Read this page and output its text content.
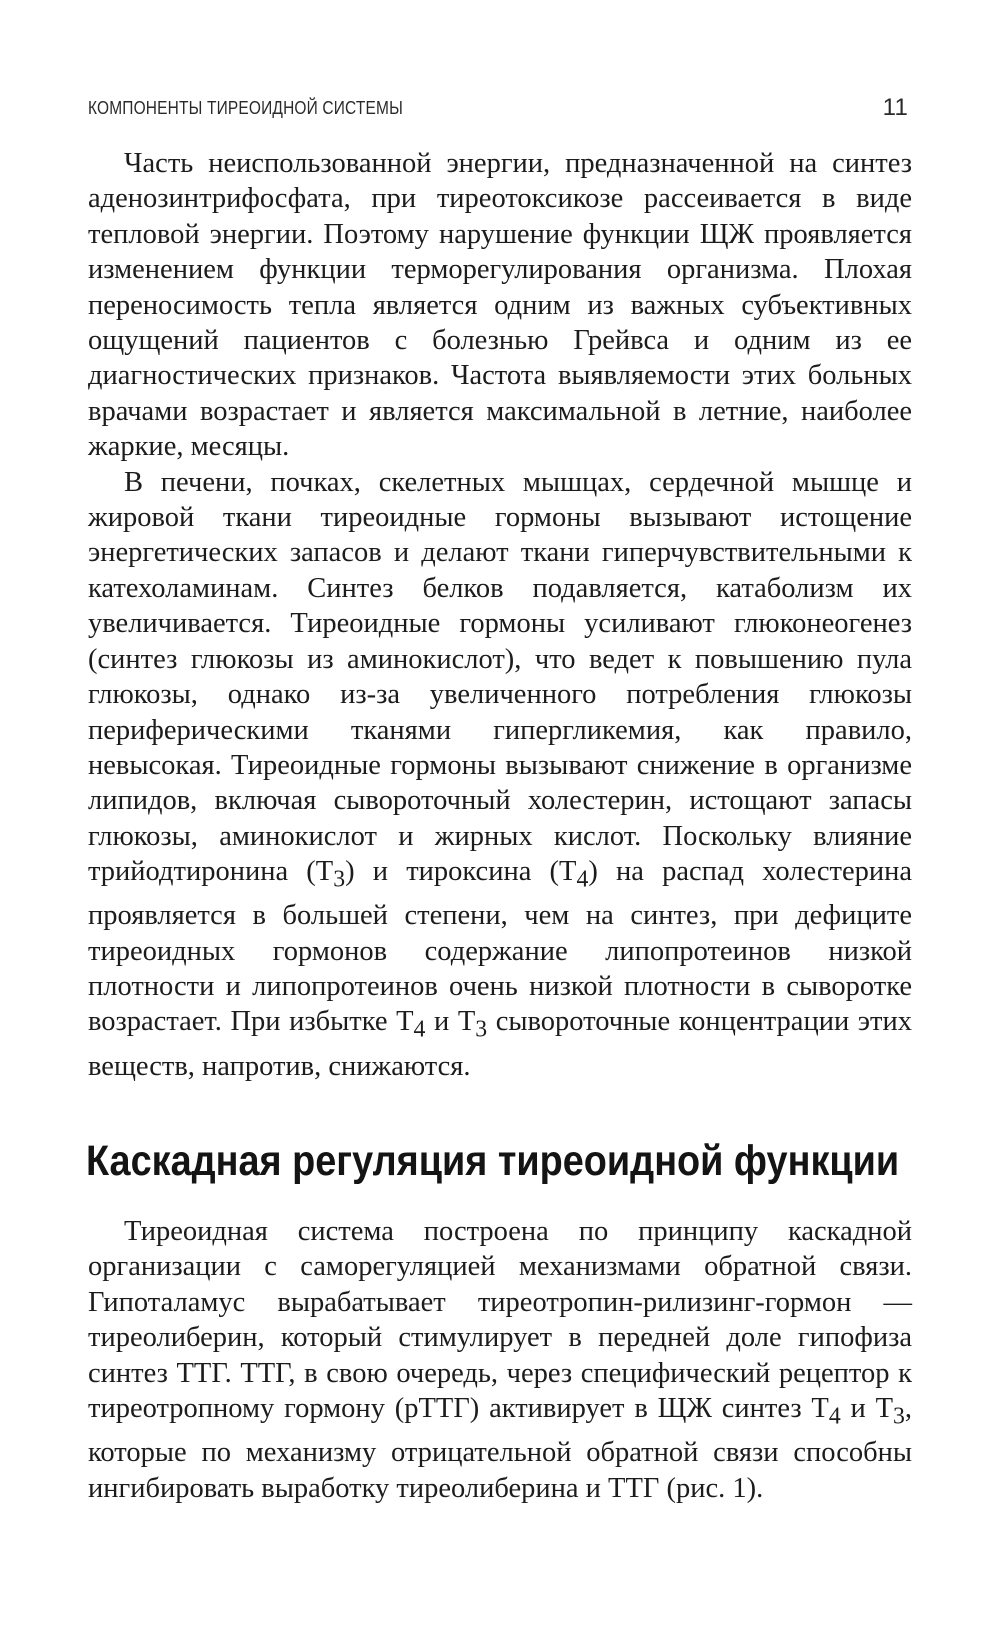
КОМПОНЕНТЫ ТИРЕОИДНОЙ СИСТЕМЫ	11

Часть неиспользованной энергии, предназначенной на синтез аденозинтрифосфата, при тиреотоксикозе рассеивается в виде тепловой энергии. Поэтому нарушение функции ЩЖ проявляется изменением функции терморегулирования организма. Плохая переносимость тепла является одним из важных субъективных ощущений пациентов с болезнью Грейвса и одним из ее диагностических признаков. Частота выявляемости этих больных врачами возрастает и является максимальной в летние, наиболее жаркие, месяцы.

В печени, почках, скелетных мышцах, сердечной мышце и жировой ткани тиреоидные гормоны вызывают истощение энергетических запасов и делают ткани гиперчувствительными к катехоламинам. Синтез белков подавляется, катаболизм их увеличивается. Тиреоидные гормоны усиливают глюконеогенез (синтез глюкозы из аминокислот), что ведет к повышению пула глюкозы, однако из-за увеличенного потребления глюкозы периферическими тканями гипергликемия, как правило, невысокая. Тиреоидные гормоны вызывают снижение в организме липидов, включая сывороточный холестерин, истощают запасы глюкозы, аминокислот и жирных кислот. Поскольку влияние трийодтиронина $(Т_3)$ и тироксина $(Т_4)$ на распад холестерина проявляется в большей степени, чем на синтез, при дефиците тиреоидных гормонов содержание липопротеинов низкой плотности и липопротеинов очень низкой плотности в сыворотке возрастает. При избытке $Т_4$ и $Т_3$ сывороточные концентрации этих веществ, напротив, снижаются.

Каскадная регуляция тиреоидной функции

Тиреоидная система построена по принципу каскадной организации с саморегуляцией механизмами обратной связи. Гипоталамус вырабатывает тиреотропин-рилизинг-гормон — тиреолиберин, который стимулирует в передней доле гипофиза синтез ТТГ. ТТГ, в свою очередь, через специфический рецептор к тиреотропному гормону (рТТГ) активирует в ЩЖ синтез $Т_4$ и $Т_3$, которые по механизму отрицательной обратной связи способны ингибировать выработку тиреолиберина и ТТГ (рис. 1).
